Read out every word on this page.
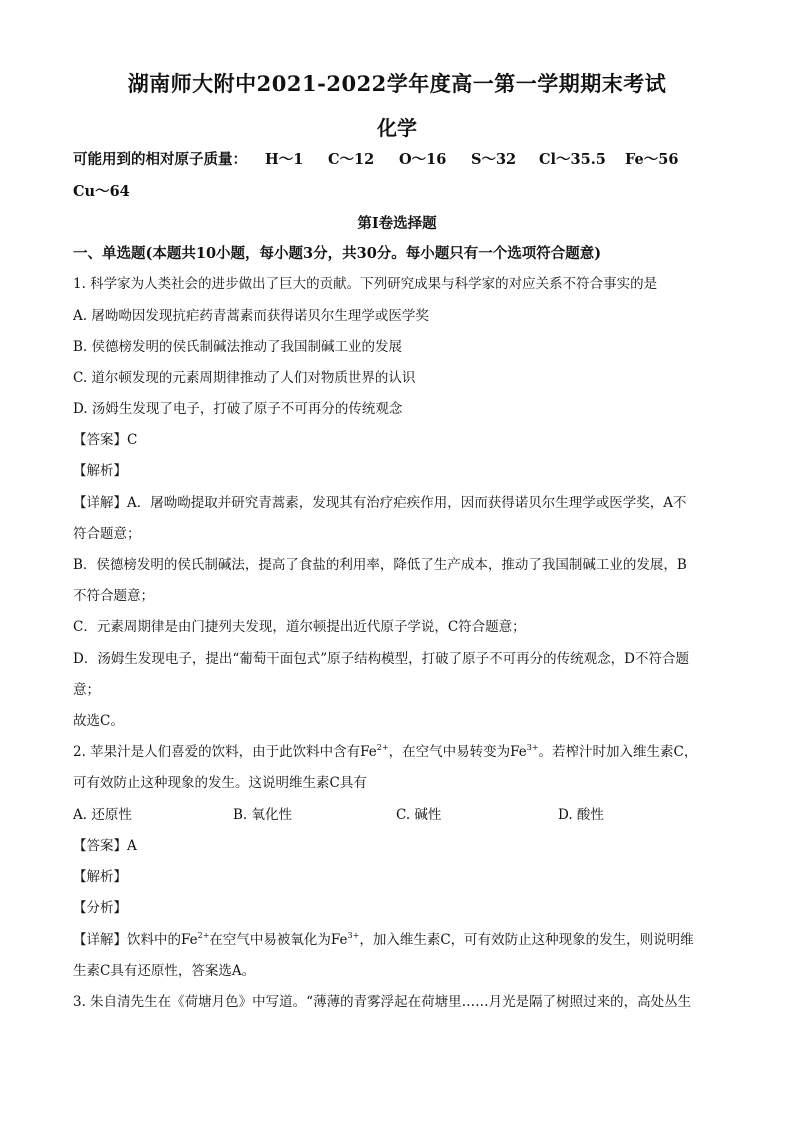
湖南师大附中2021-2022学年度高一第一学期期末考试
化学
可能用到的相对原子质量： H～1 C～12 O～16 S～32 Cl～35.5 Fe～56
Cu～64
第Ⅰ卷选择题
一、单选题(本题共10小题，每小题3分，共30分。每小题只有一个选项符合题意)
1. 科学家为人类社会的进步做出了巨大的贡献。下列研究成果与科学家的对应关系不符合事实的是
A. 屠呦呦因发现抗疟药青蒿素而获得诺贝尔生理学或医学奖
B. 侯德榜发明的侯氏制碱法推动了我国制碱工业的发展
C. 道尔顿发现的元素周期律推动了人们对物质世界的认识
D. 汤姆生发现了电子，打破了原子不可再分的传统观念
【答案】C
【解析】
【详解】A．屠呦呦提取并研究青蒿素，发现其有治疗疟疾作用，因而获得诺贝尔生理学或医学奖，A不
符合题意；
B．侯德榜发明的侯氏制碱法，提高了食盐的利用率，降低了生产成本，推动了我国制碱工业的发展，B
不符合题意；
C．元素周期律是由门捷列夫发现，道尔顿提出近代原子学说，C符合题意；
D．汤姆生发现电子，提出“葡萄干面包式”原子结构模型，打破了原子不可再分的传统观念，D不符合题
意；
故选C。
2. 苹果汁是人们喜爱的饮料，由于此饮料中含有$Fe^{2+}$，在空气中易转变为$Fe^{3+}$。若榨汁时加入维生素C，
可有效防止这种现象的发生。这说明维生素C具有
A. 还原性	B. 氧化性	C. 碱性	D. 酸性
【答案】A
【解析】
【分析】
【详解】饮料中的$Fe^{2+}$在空气中易被氧化为$Fe^{3+}$，加入维生素C，可有效防止这种现象的发生，则说明维
生素C具有还原性，答案选A。
3. 朱自清先生在《荷塘月色》中写道。“薄薄的青雾浮起在荷塘里……月光是隔了树照过来的，高处丛生
